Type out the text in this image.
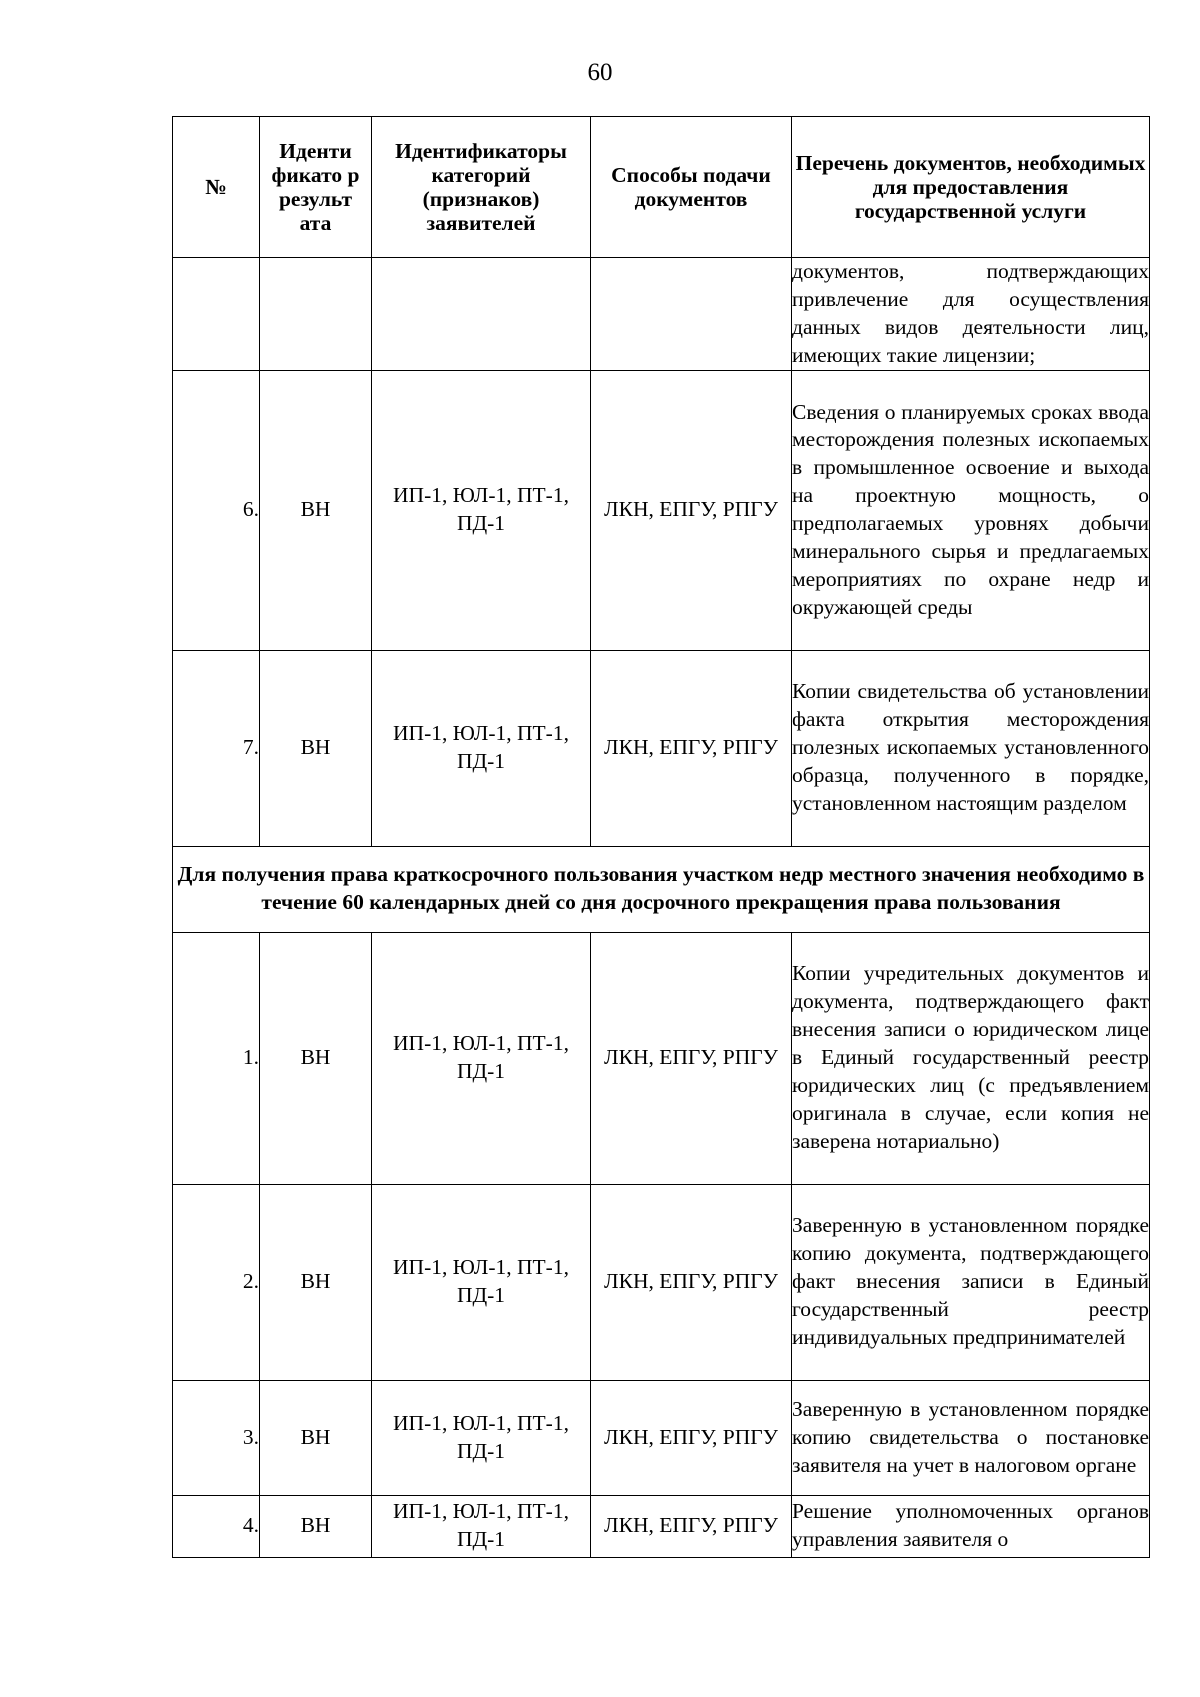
60
№	Иденти фикато р результ ата	Идентификаторы категорий (признаков) заявителей	Способы подачи документов	Перечень документов, необходимых для предоставления государственной услуги
				документов, подтверждающих привлечение для осуществления данных видов деятельности лиц, имеющих такие лицензии;
6.	ВН	ИП-1, ЮЛ-1, ПТ-1, ПД-1	ЛКН, ЕПГУ, РПГУ	Сведения о планируемых сроках ввода месторождения полезных ископаемых в промышленное освоение и выхода на проектную мощность, о предполагаемых уровнях добычи минерального сырья и предлагаемых мероприятиях по охране недр и окружающей среды
7.	ВН	ИП-1, ЮЛ-1, ПТ-1, ПД-1	ЛКН, ЕПГУ, РПГУ	Копии свидетельства об установлении факта открытия месторождения полезных ископаемых установленного образца, полученного в порядке, установленном настоящим разделом
Для получения права краткосрочного пользования участком недр местного значения необходимо в течение 60 календарных дней со дня досрочного прекращения права пользования				
1.	ВН	ИП-1, ЮЛ-1, ПТ-1, ПД-1	ЛКН, ЕПГУ, РПГУ	Копии учредительных документов и документа, подтверждающего факт внесения записи о юридическом лице в Единый государственный реестр юридических лиц (с предъявлением оригинала в случае, если копия не заверена нотариально)
2.	ВН	ИП-1, ЮЛ-1, ПТ-1, ПД-1	ЛКН, ЕПГУ, РПГУ	Заверенную в установленном порядке копию документа, подтверждающего факт внесения записи в Единый государственный реестр индивидуальных предпринимателей
3.	ВН	ИП-1, ЮЛ-1, ПТ-1, ПД-1	ЛКН, ЕПГУ, РПГУ	Заверенную в установленном порядке копию свидетельства о постановке заявителя на учет в налоговом органе
4.	ВН	ИП-1, ЮЛ-1, ПТ-1, ПД-1	ЛКН, ЕПГУ, РПГУ	Решение уполномоченных органов управления заявителя о
